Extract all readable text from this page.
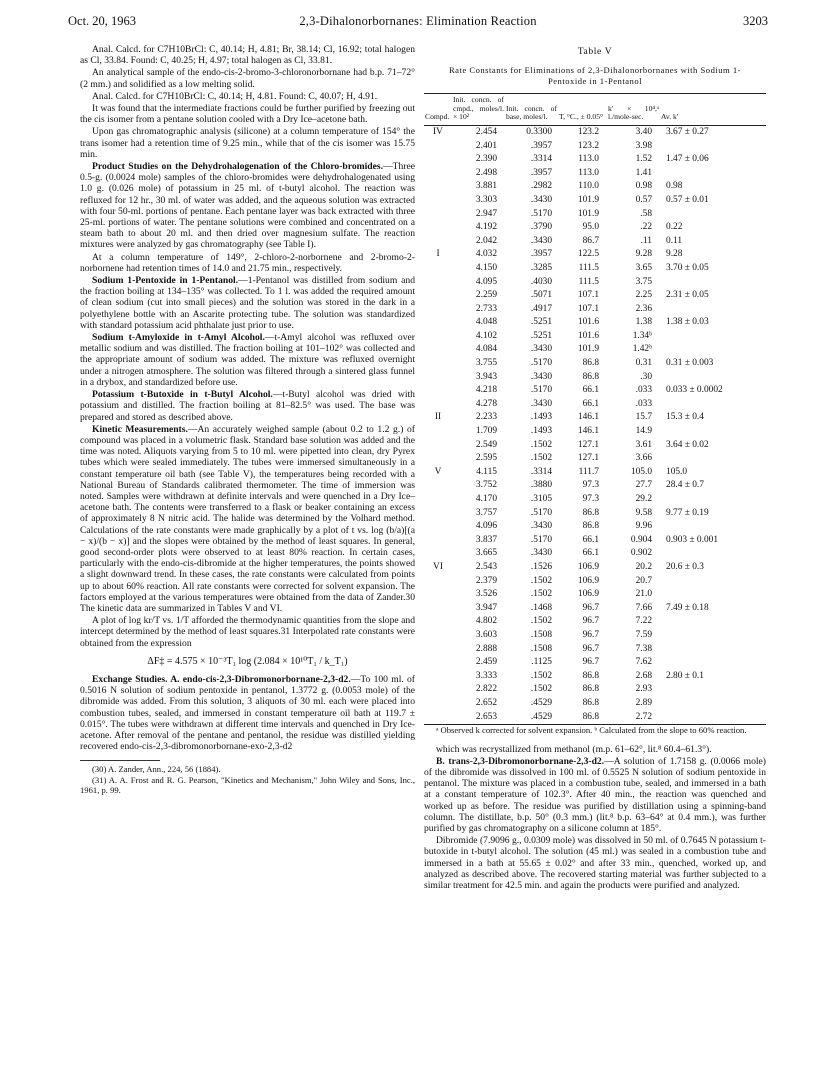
Oct. 20, 1963	2,3-Dihalonorbornanes: Elimination Reaction	3203

Anal. Calcd. for C7H10BrCl: C, 40.14; H, 4.81; Br, 38.14; Cl, 16.92; total halogen as Cl, 33.84. Found: C, 40.25; H, 4.97; total halogen as Cl, 33.81.

An analytical sample of the endo-cis-2-bromo-3-chloronorbornane had b.p. 71–72° (2 mm.) and solidified as a low melting solid.

Anal. Calcd. for C7H10BrCl: C, 40.14; H, 4.81. Found: C, 40.07; H, 4.91.

It was found that the intermediate fractions could be further purified by freezing out the cis isomer from a pentane solution cooled with a Dry Ice–acetone bath.

Upon gas chromatographic analysis (silicone) at a column temperature of 154° the trans isomer had a retention time of 9.25 min., while that of the cis isomer was 15.75 min.

Product Studies on the Dehydrohalogenation of the Chloro-bromides.—Three 0.5-g. (0.0024 mole) samples of the chloro-bromides were dehydrohalogenated using 1.0 g. (0.026 mole) of potassium in 25 ml. of t-butyl alcohol. The reaction was refluxed for 12 hr., 30 ml. of water was added, and the aqueous solution was extracted with four 50-ml. portions of pentane. Each pentane layer was back extracted with three 25-ml. portions of water. The pentane solutions were combined and concentrated on a steam bath to about 20 ml. and then dried over magnesium sulfate. The reaction mixtures were analyzed by gas chromatography (see Table I).

At a column temperature of 149°, 2-chloro-2-norbornene and 2-bromo-2-norbornene had retention times of 14.0 and 21.75 min., respectively.

Sodium 1-Pentoxide in 1-Pentanol.—1-Pentanol was distilled from sodium and the fraction boiling at 134–135° was collected. To 1 l. was added the required amount of clean sodium (cut into small pieces) and the solution was stored in the dark in a polyethylene bottle with an Ascarite protecting tube. The solution was standardized with standard potassium acid phthalate just prior to use.

Sodium t-Amyloxide in t-Amyl Alcohol.—t-Amyl alcohol was refluxed over metallic sodium and was distilled. The fraction boiling at 101–102° was collected and the appropriate amount of sodium was added. The mixture was refluxed overnight under a nitrogen atmosphere. The solution was filtered through a sintered glass funnel in a drybox, and standardized before use.

Potassium t-Butoxide in t-Butyl Alcohol.—t-Butyl alcohol was dried with potassium and distilled. The fraction boiling at 81–82.5° was used. The base was prepared and stored as described above.

Kinetic Measurements.—An accurately weighed sample (about 0.2 to 1.2 g.) of compound was placed in a volumetric flask. Standard base solution was added and the time was noted. Aliquots varying from 5 to 10 ml. were pipetted into clean, dry Pyrex tubes which were sealed immediately. The tubes were immersed simultaneously in a constant temperature oil bath (see Table V), the temperatures being recorded with a National Bureau of Standards calibrated thermometer. The time of immersion was noted. Samples were withdrawn at definite intervals and were quenched in a Dry Ice–acetone bath. The contents were transferred to a flask or beaker containing an excess of approximately 8 N nitric acid. The halide was determined by the Volhard method. Calculations of the rate constants were made graphically by a plot of t vs. log (b/a)[(a − x)/(b − x)] and the slopes were obtained by the method of least squares. In general, good second-order plots were observed to at least 80% reaction. In certain cases, particularly with the endo-cis-dibromide at the higher temperatures, the points showed a slight downward trend. In these cases, the rate constants were calculated from points up to about 60% reaction. All rate constants were corrected for solvent expansion. The factors employed at the various temperatures were obtained from the data of Zander.30 The kinetic data are summarized in Tables V and VI.

A plot of log kr/T vs. 1/T afforded the thermodynamic quantities from the slope and intercept determined by the method of least squares.31 Interpolated rate constants were obtained from the expression

ΔF‡ = 4.575 × 10⁻³T₁ log (2.084 × 10¹⁰T₁ / k_T₁)

Exchange Studies. A. endo-cis-2,3-Dibromonorbornane-2,3-d2.—To 100 ml. of 0.5016 N solution of sodium pentoxide in pentanol, 1.3772 g. (0.0053 mole) of the dibromide was added. From this solution, 3 aliquots of 30 ml. each were placed into combustion tubes, sealed, and immersed in constant temperature oil bath at 119.7 ± 0.015°. The tubes were withdrawn at different time intervals and quenched in Dry Ice-acetone. After removal of the pentane and pentanol, the residue was distilled yielding recovered endo-cis-2,3-dibromonorbornane-exo-2,3-d2

(30) A. Zander, Ann., 224, 56 (1884).

(31) A. A. Frost and R. G. Pearson, "Kinetics and Mechanism," John Wiley and Sons, Inc., 1961, p. 99.

Table V
Rate Constants for Eliminations of 2,3-Dihalonorbornanes with Sodium 1-Pentoxide in 1-Pentanol
Compd.	Init. concn. of cmpd., moles/l. × 10²	Init. concn. of base, moles/l.	T, °C., ± 0.05°	k′ × 10⁴,ᵃ l./mole-sec.	Av. k′
IV	2.454	0.3300	123.2	3.40	3.67 ± 0.27
	2.401	.3957	123.2	3.98	
	2.390	.3314	113.0	1.52	1.47 ± 0.06
	2.498	.3957	113.0	1.41	
	3.881	.2982	110.0	0.98	0.98
	3.303	.3430	101.9	0.57	0.57 ± 0.01
	2.947	.5170	101.9	.58	
	4.192	.3790	95.0	.22	0.22
	2.042	.3430	86.7	.11	0.11
I	4.032	.3957	122.5	9.28	9.28
	4.150	.3285	111.5	3.65	3.70 ± 0.05
	4.095	.4030	111.5	3.75	
	2.259	.5071	107.1	2.25	2.31 ± 0.05
	2.733	.4917	107.1	2.36	
	4.048	.5251	101.6	1.38	1.38 ± 0.03
	4.102	.5251	101.6	1.34ᵇ	
	4.084	.3430	101.9	1.42ᵇ	
	3.755	.5170	86.8	0.31	0.31 ± 0.003
	3.943	.3430	86.8	.30	
	4.218	.5170	66.1	.033	0.033 ± 0.0002
	4.278	.3430	66.1	.033	
II	2.233	.1493	146.1	15.7	15.3 ± 0.4
	1.709	.1493	146.1	14.9	
	2.549	.1502	127.1	3.61	3.64 ± 0.02
	2.595	.1502	127.1	3.66	
V	4.115	.3314	111.7	105.0	105.0
	3.752	.3880	97.3	27.7	28.4 ± 0.7
	4.170	.3105	97.3	29.2	
	3.757	.5170	86.8	9.58	9.77 ± 0.19
	4.096	.3430	86.8	9.96	
	3.837	.5170	66.1	0.904	0.903 ± 0.001
	3.665	.3430	66.1	0.902	
VI	2.543	.1526	106.9	20.2	20.6 ± 0.3
	2.379	.1502	106.9	20.7	
	3.526	.1502	106.9	21.0	
	3.947	.1468	96.7	7.66	7.49 ± 0.18
	4.802	.1502	96.7	7.22	
	3.603	.1508	96.7	7.59	
	2.888	.1508	96.7	7.38	
	2.459	.1125	96.7	7.62	
	3.333	.1502	86.8	2.68	2.80 ± 0.1
	2.822	.1502	86.8	2.93	
	2.652	.4529	86.8	2.89	
	2.653	.4529	86.8	2.72	

ᵃ Observed k corrected for solvent expansion. ᵇ Calculated from the slope to 60% reaction.

which was recrystallized from methanol (m.p. 61–62°, lit.⁸ 60.4–61.3°).

B. trans-2,3-Dibromonorbornane-2,3-d2.—A solution of 1.7158 g. (0.0066 mole) of the dibromide was dissolved in 100 ml. of 0.5525 N solution of sodium pentoxide in pentanol. The mixture was placed in a combustion tube, sealed, and immersed in a bath at a constant temperature of 102.3°. After 40 min., the reaction was quenched and worked up as before. The residue was purified by distillation using a spinning-band column. The distillate, b.p. 50° (0.3 mm.) (lit.⁸ b.p. 63–64° at 0.4 mm.), was further purified by gas chromatography on a silicone column at 185°.

Dibromide (7.9096 g., 0.0309 mole) was dissolved in 50 ml. of 0.7645 N potassium t-butoxide in t-butyl alcohol. The solution (45 ml.) was sealed in a combustion tube and immersed in a bath at 55.65 ± 0.02° and after 33 min., quenched, worked up, and analyzed as described above. The recovered starting material was further subjected to a similar treatment for 42.5 min. and again the products were purified and analyzed.
